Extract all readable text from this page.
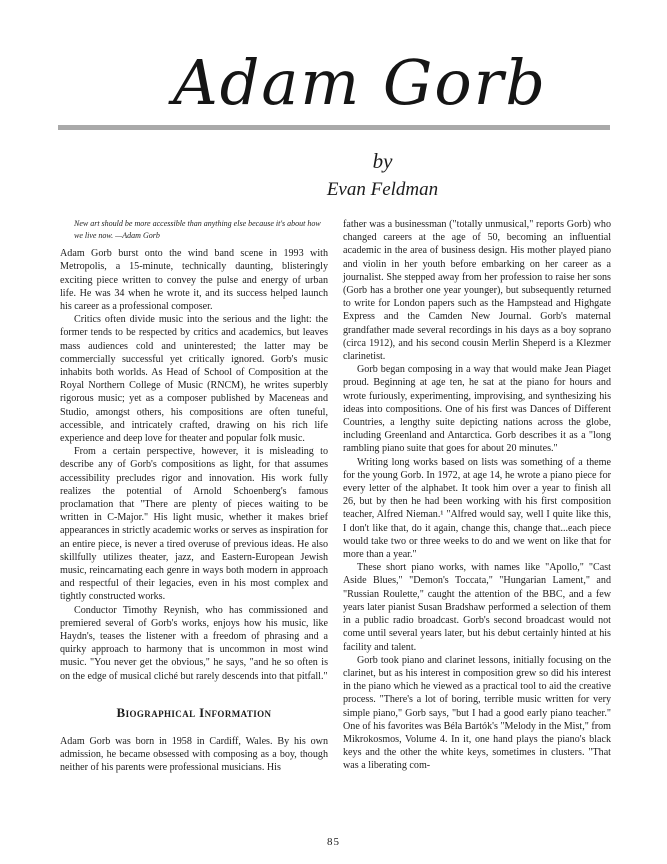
Adam Gorb
by
Evan Feldman

New art should be more accessible than anything else because it's about how we live now. —Adam Gorb

Adam Gorb burst onto the wind band scene in 1993 with Metropolis, a 15-minute, technically daunting, blisteringly exciting piece written to convey the pulse and energy of urban life. He was 34 when he wrote it, and its success helped launch his career as a professional composer.

Critics often divide music into the serious and the light: the former tends to be respected by critics and academics, but leaves mass audiences cold and uninterested; the latter may be commercially successful yet critically ignored. Gorb's music inhabits both worlds. As Head of School of Composition at the Royal Northern College of Music (RNCM), he writes superbly rigorous music; yet as a composer published by Maceneas and Studio, amongst others, his compositions are often tuneful, accessible, and intricately crafted, drawing on his rich life experience and deep love for theater and popular folk music.

From a certain perspective, however, it is misleading to describe any of Gorb's compositions as light, for that assumes accessibility precludes rigor and innovation. His work fully realizes the potential of Arnold Schoenberg's famous proclamation that "There are plenty of pieces waiting to be written in C-Major." His light music, whether it makes brief appearances in strictly academic works or serves as inspiration for an entire piece, is never a tired overuse of previous ideas. He also skillfully utilizes theater, jazz, and Eastern-European Jewish music, reincarnating each genre in ways both modern in approach and respectful of their legacies, even in his most complex and tightly constructed works.

Conductor Timothy Reynish, who has commissioned and premiered several of Gorb's works, enjoys how his music, like Haydn's, teases the listener with a freedom of phrasing and a quirky approach to harmony that is uncommon in most wind music. "You never get the obvious," he says, "and he so often is on the edge of musical cliché but rarely descends into that pitfall."

Biographical Information

Adam Gorb was born in 1958 in Cardiff, Wales. By his own admission, he became obsessed with composing as a boy, though neither of his parents were professional musicians. His

father was a businessman ("totally unmusical," reports Gorb) who changed careers at the age of 50, becoming an influential academic in the area of business design. His mother played piano and violin in her youth before embarking on her career as a journalist. She stepped away from her profession to raise her sons (Gorb has a brother one year younger), but subsequently returned to write for London papers such as the Hampstead and Highgate Express and the Camden New Journal. Gorb's maternal grandfather made several recordings in his days as a boy soprano (circa 1912), and his second cousin Merlin Sheperd is a Klezmer clarinetist.

Gorb began composing in a way that would make Jean Piaget proud. Beginning at age ten, he sat at the piano for hours and wrote furiously, experimenting, improvising, and synthesizing his ideas into compositions. One of his first was Dances of Different Countries, a lengthy suite depicting nations across the globe, including Greenland and Antarctica. Gorb describes it as a "long rambling piano suite that goes for about 20 minutes."

Writing long works based on lists was something of a theme for the young Gorb. In 1972, at age 14, he wrote a piano piece for every letter of the alphabet. It took him over a year to finish all 26, but by then he had been working with his first composition teacher, Alfred Nieman.¹ "Alfred would say, well I quite like this, I don't like that, do it again, change this, change that...each piece would take two or three weeks to do and we went on like that for more than a year."

These short piano works, with names like "Apollo," "Cast Aside Blues," "Demon's Toccata," "Hungarian Lament," and "Russian Roulette," caught the attention of the BBC, and a few years later pianist Susan Bradshaw performed a selection of them in a public radio broadcast. Gorb's second broadcast would not come until several years later, but his debut certainly hinted at his facility and talent.

Gorb took piano and clarinet lessons, initially focusing on the clarinet, but as his interest in composition grew so did his interest in the piano which he viewed as a practical tool to aid the creative process. "There's a lot of boring, terrible music written for very simple piano," Gorb says, "but I had a good early piano teacher." One of his favorites was Béla Bartók's "Melody in the Mist," from Mikrokosmos, Volume 4. In it, one hand plays the piano's black keys and the other the white keys, sometimes in clusters. "That was a liberating com-

85
